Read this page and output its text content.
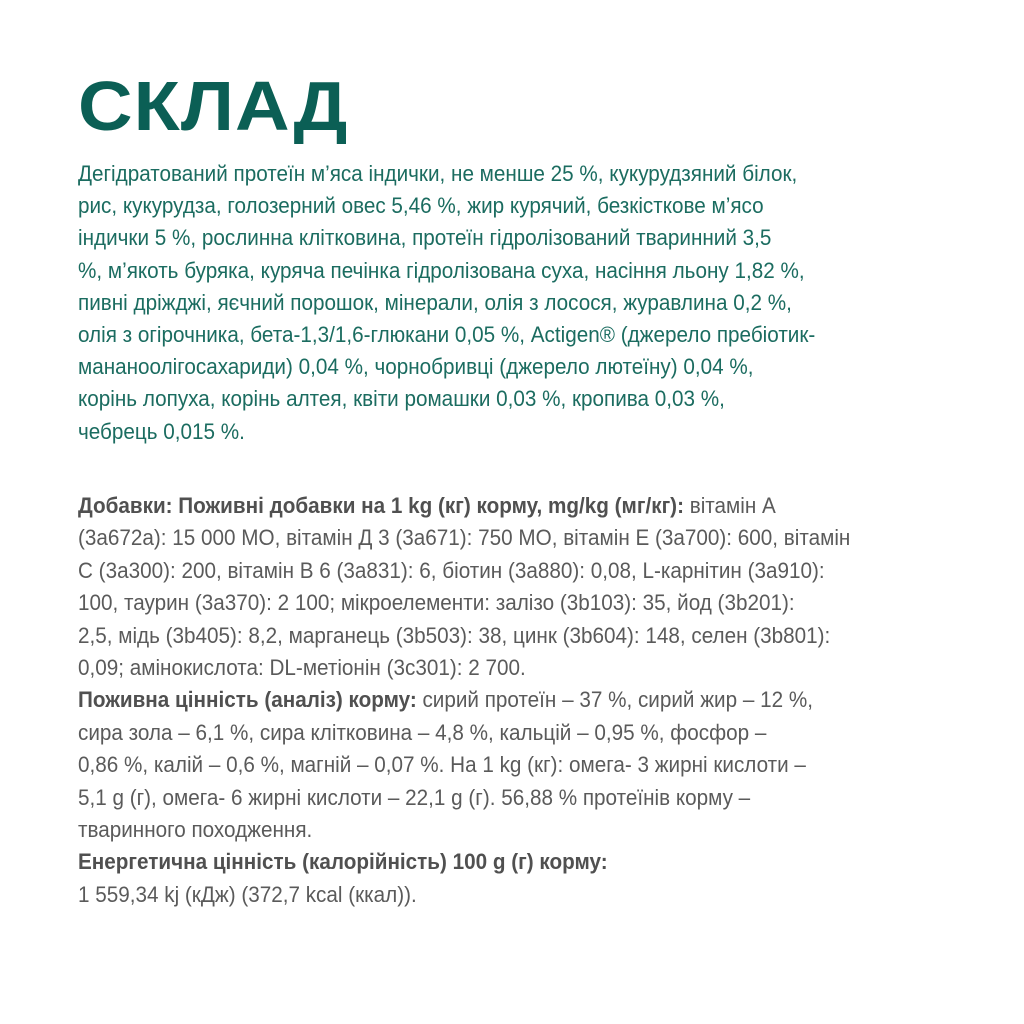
СКЛАД

Дегідратований протеїн м’яса індички, не менше 25 %, кукурудзяний білок,
рис, кукурудза, голозерний овес 5,46 %, жир курячий, безкісткове м’ясо
індички 5 %, рослинна клітковина, протеїн гідролізований тваринний 3,5
%, м’якоть буряка, куряча печінка гідролізована суха, насіння льону 1,82 %,
пивні дріжджі, яєчний порошок, мінерали, олія з лосося, журавлина 0,2 %,
олія з огірочника, бета-1,3/1,6-глюкани 0,05 %, Actigen® (джерело пребіотик-
мананоолігосахариди) 0,04 %, чорнобривці (джерело лютеїну) 0,04 %,
корінь лопуха, корінь алтея, квіти ромашки 0,03 %, кропива 0,03 %,
чебрець 0,015 %.

Добавки: Поживні добавки на 1 kg (кг) корму, mg/kg (мг/кг): вітамін А
(3а672а): 15 000 МО, вітамін Д 3 (3а671): 750 МО, вітамін Е (3а700): 600, вітамін
С (3а300): 200, вітамін В 6 (3а831): 6, біотин (3а880): 0,08, L-карнітин (3а910):
100, таурин (3а370): 2 100; мікроелементи: залізо (3b103): 35, йод (3b201):
2,5, мідь (3b405): 8,2, марганець (3b503): 38, цинк (3b604): 148, селен (3b801):
0,09; амінокислота: DL-метіонін (3c301): 2 700.
Поживна цінність (аналіз) корму: сирий протеїн – 37 %, сирий жир – 12 %,
сира зола – 6,1 %, сира клітковина – 4,8 %, кальцій – 0,95 %, фосфор –
0,86 %, калій – 0,6 %, магній – 0,07 %. На 1 kg (кг): омега- 3 жирні кислоти –
5,1 g (г), омега- 6 жирні кислоти – 22,1 g (г). 56,88 % протеїнів корму –
тваринного походження.
Енергетична цінність (калорійність) 100 g (г) корму:
1 559,34 kj (кДж) (372,7 kcal (ккал)).
